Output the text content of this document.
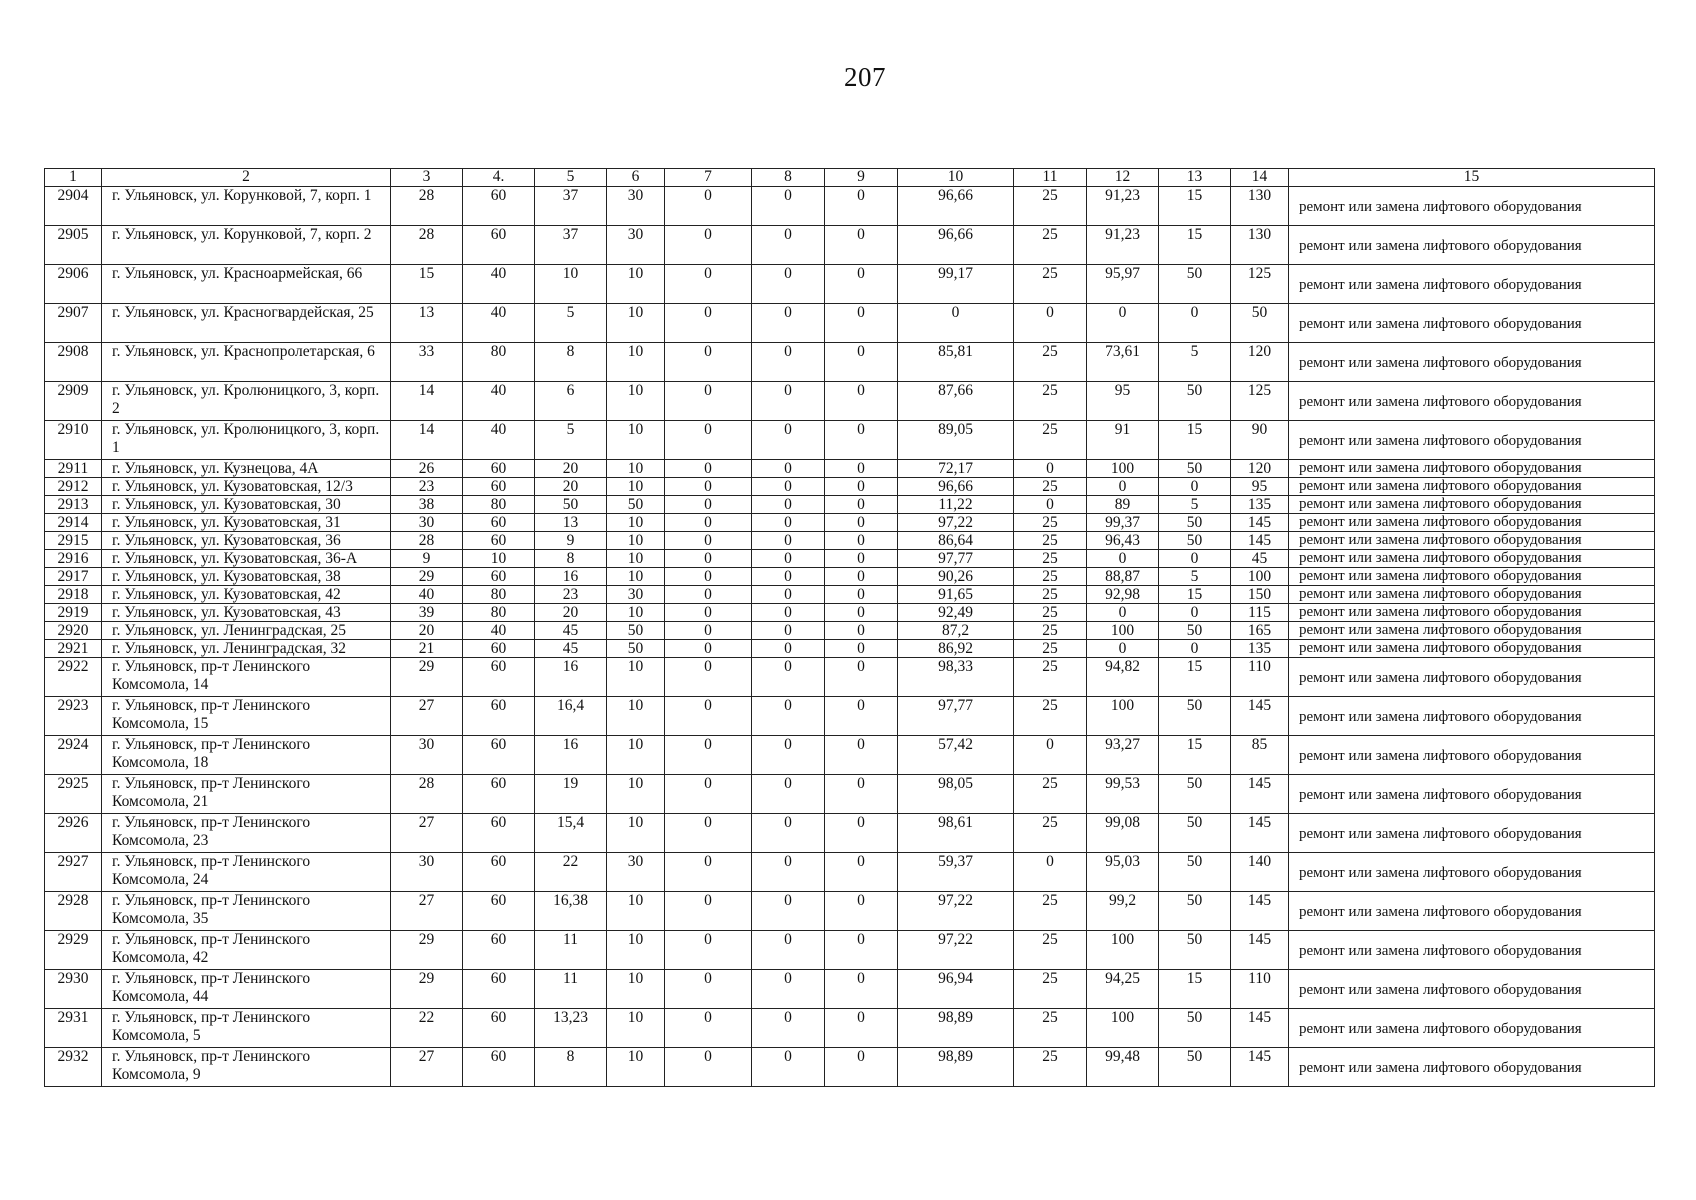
207
1	2	3	4.	5	6	7	8	9	10	11	12	13	14	15
2904	г. Ульяновск, ул. Корунковой, 7, корп. 1	28	60	37	30	0	0	0	96,66	25	91,23	15	130	ремонт или замена лифтового оборудования
2905	г. Ульяновск, ул. Корунковой, 7, корп. 2	28	60	37	30	0	0	0	96,66	25	91,23	15	130	ремонт или замена лифтового оборудования
2906	г. Ульяновск, ул. Красноармейская, 66	15	40	10	10	0	0	0	99,17	25	95,97	50	125	ремонт или замена лифтового оборудования
2907	г. Ульяновск, ул. Красногвардейская, 25	13	40	5	10	0	0	0	0	0	0	0	50	ремонт или замена лифтового оборудования
2908	г. Ульяновск, ул. Краснопролетарская, 6	33	80	8	10	0	0	0	85,81	25	73,61	5	120	ремонт или замена лифтового оборудования
2909	г. Ульяновск, ул. Кролюницкого, 3, корп. 2	14	40	6	10	0	0	0	87,66	25	95	50	125	ремонт или замена лифтового оборудования
2910	г. Ульяновск, ул. Кролюницкого, 3, корп. 1	14	40	5	10	0	0	0	89,05	25	91	15	90	ремонт или замена лифтового оборудования
2911	г. Ульяновск, ул. Кузнецова, 4А	26	60	20	10	0	0	0	72,17	0	100	50	120	ремонт или замена лифтового оборудования
2912	г. Ульяновск, ул. Кузоватовская, 12/3	23	60	20	10	0	0	0	96,66	25	0	0	95	ремонт или замена лифтового оборудования
2913	г. Ульяновск, ул. Кузоватовская, 30	38	80	50	50	0	0	0	11,22	0	89	5	135	ремонт или замена лифтового оборудования
2914	г. Ульяновск, ул. Кузоватовская, 31	30	60	13	10	0	0	0	97,22	25	99,37	50	145	ремонт или замена лифтового оборудования
2915	г. Ульяновск, ул. Кузоватовская, 36	28	60	9	10	0	0	0	86,64	25	96,43	50	145	ремонт или замена лифтового оборудования
2916	г. Ульяновск, ул. Кузоватовская, 36-А	9	10	8	10	0	0	0	97,77	25	0	0	45	ремонт или замена лифтового оборудования
2917	г. Ульяновск, ул. Кузоватовская, 38	29	60	16	10	0	0	0	90,26	25	88,87	5	100	ремонт или замена лифтового оборудования
2918	г. Ульяновск, ул. Кузоватовская, 42	40	80	23	30	0	0	0	91,65	25	92,98	15	150	ремонт или замена лифтового оборудования
2919	г. Ульяновск, ул. Кузоватовская, 43	39	80	20	10	0	0	0	92,49	25	0	0	115	ремонт или замена лифтового оборудования
2920	г. Ульяновск, ул. Ленинградская, 25	20	40	45	50	0	0	0	87,2	25	100	50	165	ремонт или замена лифтового оборудования
2921	г. Ульяновск, ул. Ленинградская, 32	21	60	45	50	0	0	0	86,92	25	0	0	135	ремонт или замена лифтового оборудования
2922	г. Ульяновск, пр-т Ленинского Комсомола, 14	29	60	16	10	0	0	0	98,33	25	94,82	15	110	ремонт или замена лифтового оборудования
2923	г. Ульяновск, пр-т Ленинского Комсомола, 15	27	60	16,4	10	0	0	0	97,77	25	100	50	145	ремонт или замена лифтового оборудования
2924	г. Ульяновск, пр-т Ленинского Комсомола, 18	30	60	16	10	0	0	0	57,42	0	93,27	15	85	ремонт или замена лифтового оборудования
2925	г. Ульяновск, пр-т Ленинского Комсомола, 21	28	60	19	10	0	0	0	98,05	25	99,53	50	145	ремонт или замена лифтового оборудования
2926	г. Ульяновск, пр-т Ленинского Комсомола, 23	27	60	15,4	10	0	0	0	98,61	25	99,08	50	145	ремонт или замена лифтового оборудования
2927	г. Ульяновск, пр-т Ленинского Комсомола, 24	30	60	22	30	0	0	0	59,37	0	95,03	50	140	ремонт или замена лифтового оборудования
2928	г. Ульяновск, пр-т Ленинского Комсомола, 35	27	60	16,38	10	0	0	0	97,22	25	99,2	50	145	ремонт или замена лифтового оборудования
2929	г. Ульяновск, пр-т Ленинского Комсомола, 42	29	60	11	10	0	0	0	97,22	25	100	50	145	ремонт или замена лифтового оборудования
2930	г. Ульяновск, пр-т Ленинского Комсомола, 44	29	60	11	10	0	0	0	96,94	25	94,25	15	110	ремонт или замена лифтового оборудования
2931	г. Ульяновск, пр-т Ленинского Комсомола, 5	22	60	13,23	10	0	0	0	98,89	25	100	50	145	ремонт или замена лифтового оборудования
2932	г. Ульяновск, пр-т Ленинского Комсомола, 9	27	60	8	10	0	0	0	98,89	25	99,48	50	145	ремонт или замена лифтового оборудования
